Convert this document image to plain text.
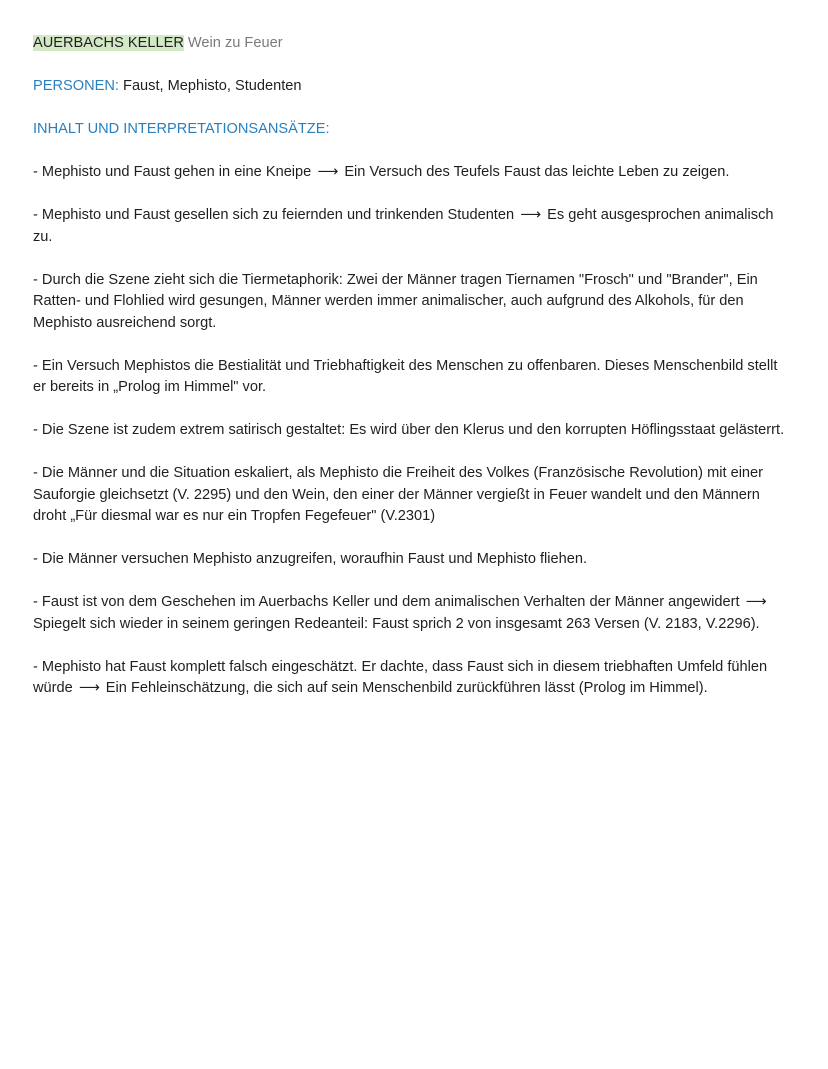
AUERBACHS KELLER Wein zu Feuer

PERSONEN: Faust, Mephisto, Studenten

INHALT UND INTERPRETATIONSANSÄTZE:

- Mephisto und Faust gehen in eine Kneipe ⟶ Ein Versuch des Teufels Faust das leichte Leben zu zeigen.

- Mephisto und Faust gesellen sich zu feiernden und trinkenden Studenten ⟶ Es geht ausgesprochen animalisch zu.

- Durch die Szene zieht sich die Tiermetaphorik: Zwei der Männer tragen Tiernamen "Frosch" und "Brander", Ein Ratten- und Flohlied wird gesungen, Männer werden immer animalischer, auch aufgrund des Alkohols, für den Mephisto ausreichend sorgt.

- Ein Versuch Mephistos die Bestialität und Triebhaftigkeit des Menschen zu offenbaren. Dieses Menschenbild stellt er bereits in „Prolog im Himmel" vor.

- Die Szene ist zudem extrem satirisch gestaltet: Es wird über den Klerus und den korrupten Höflingsstaat gelästerrt.

- Die Männer und die Situation eskaliert, als Mephisto die Freiheit des Volkes (Französische Revolution) mit einer Sauforgie gleichsetzt (V. 2295) und den Wein, den einer der Männer vergießt in Feuer wandelt und den Männern droht „Für diesmal war es nur ein Tropfen Fegefeuer" (V.2301)

- Die Männer versuchen Mephisto anzugreifen, woraufhin Faust und Mephisto fliehen.

- Faust ist von dem Geschehen im Auerbachs Keller und dem animalischen Verhalten der Männer angewidert ⟶ Spiegelt sich wieder in seinem geringen Redeanteil: Faust sprich 2 von insgesamt 263 Versen (V. 2183, V.2296).

- Mephisto hat Faust komplett falsch eingeschätzt. Er dachte, dass Faust sich in diesem triebhaften Umfeld fühlen würde ⟶ Ein Fehleinschätzung, die sich auf sein Menschenbild zurückführen lässt (Prolog im Himmel).
